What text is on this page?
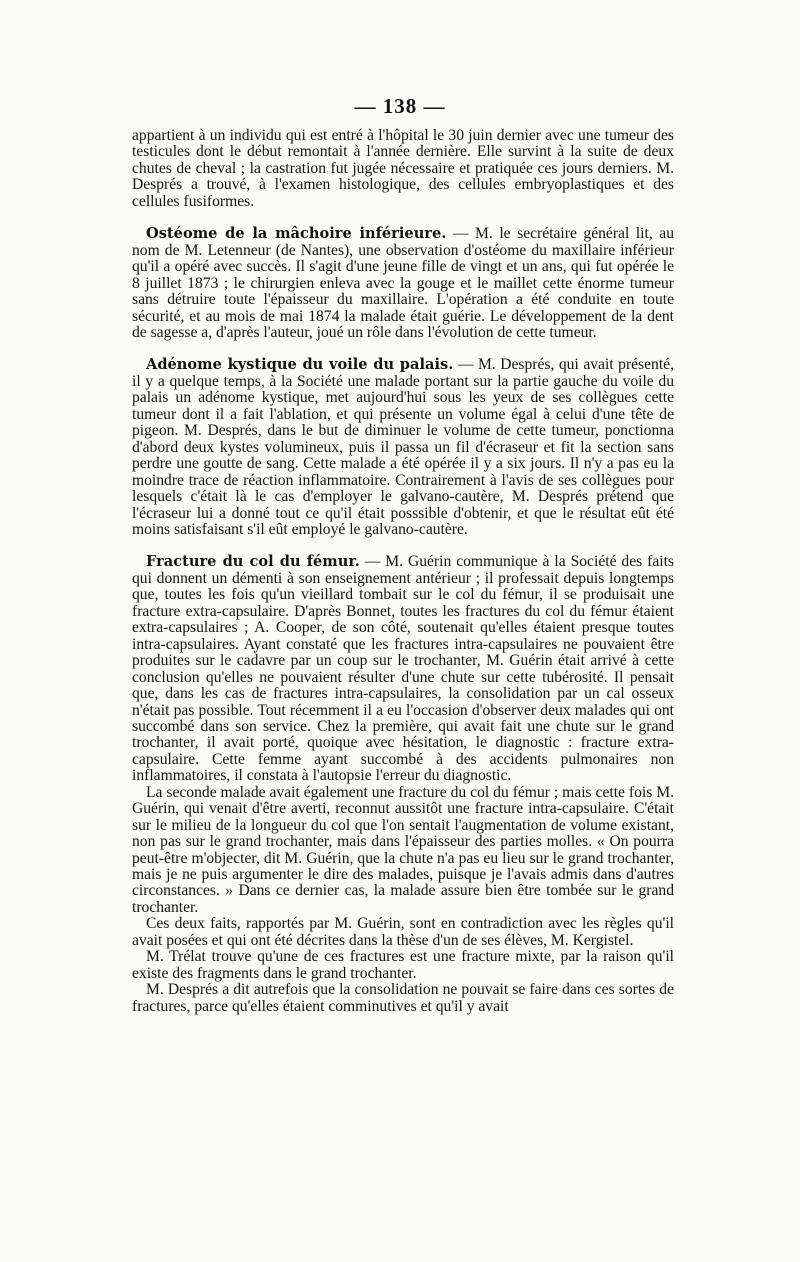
— 138 —

appartient à un individu qui est entré à l'hôpital le 30 juin dernier avec une tumeur des testicules dont le début remontait à l'année dernière. Elle survint à la suite de deux chutes de cheval ; la castration fut jugée nécessaire et pratiquée ces jours derniers. M. Després a trouvé, à l'examen histologique, des cellules embryoplastiques et des cellules fusiformes.

Ostéome de la mâchoire inférieure. — M. le secrétaire général lit, au nom de M. Letenneur (de Nantes), une observation d'ostéome du maxillaire inférieur qu'il a opéré avec succès. Il s'agit d'une jeune fille de vingt et un ans, qui fut opérée le 8 juillet 1873 ; le chirurgien enleva avec la gouge et le maillet cette énorme tumeur sans détruire toute l'épaisseur du maxillaire. L'opération a été conduite en toute sécurité, et au mois de mai 1874 la malade était guérie. Le développement de la dent de sagesse a, d'après l'auteur, joué un rôle dans l'évolution de cette tumeur.

Adénome kystique du voile du palais. — M. Després, qui avait présenté, il y a quelque temps, à la Société une malade portant sur la partie gauche du voile du palais un adénome kystique, met aujourd'hui sous les yeux de ses collègues cette tumeur dont il a fait l'ablation, et qui présente un volume égal à celui d'une tête de pigeon. M. Després, dans le but de diminuer le volume de cette tumeur, ponctionna d'abord deux kystes volumineux, puis il passa un fil d'écraseur et fit la section sans perdre une goutte de sang. Cette malade a été opérée il y a six jours. Il n'y a pas eu la moindre trace de réaction inflammatoire. Contrairement à l'avis de ses collègues pour lesquels c'était là le cas d'employer le galvano-cautère, M. Després prétend que l'écraseur lui a donné tout ce qu'il était posssible d'obtenir, et que le résultat eût été moins satisfaisant s'il eût employé le galvano-cautère.

Fracture du col du fémur. — M. Guérin communique à la Société des faits qui donnent un démenti à son enseignement antérieur ; il professait depuis longtemps que, toutes les fois qu'un vieillard tombait sur le col du fémur, il se produisait une fracture extra-capsulaire. D'après Bonnet, toutes les fractures du col du fémur étaient extra-capsulaires ; A. Cooper, de son côté, soutenait qu'elles étaient presque toutes intra-capsulaires. Ayant constaté que les fractures intra-capsulaires ne pouvaient être produites sur le cadavre par un coup sur le trochanter, M. Guérin était arrivé à cette conclusion qu'elles ne pouvaient résulter d'une chute sur cette tubérosité. Il pensait que, dans les cas de fractures intra-capsulaires, la consolidation par un cal osseux n'était pas possible. Tout récemment il a eu l'occasion d'observer deux malades qui ont succombé dans son service. Chez la première, qui avait fait une chute sur le grand trochanter, il avait porté, quoique avec hésitation, le diagnostic : fracture extra-capsulaire. Cette femme ayant succombé à des accidents pulmonaires non inflammatoires, il constata à l'autopsie l'erreur du diagnostic.

La seconde malade avait également une fracture du col du fémur ; mais cette fois M. Guérin, qui venait d'être averti, reconnut aussitôt une fracture intra-capsulaire. C'était sur le milieu de la longueur du col que l'on sentait l'augmentation de volume existant, non pas sur le grand trochanter, mais dans l'épaisseur des parties molles. « On pourra peut-être m'objecter, dit M. Guérin, que la chute n'a pas eu lieu sur le grand trochanter, mais je ne puis argumenter le dire des malades, puisque je l'avais admis dans d'autres circonstances. » Dans ce dernier cas, la malade assure bien être tombée sur le grand trochanter.

Ces deux faits, rapportés par M. Guérin, sont en contradiction avec les règles qu'il avait posées et qui ont été décrites dans la thèse d'un de ses élèves, M. Kergistel.

M. Trélat trouve qu'une de ces fractures est une fracture mixte, par la raison qu'il existe des fragments dans le grand trochanter.

M. Després a dit autrefois que la consolidation ne pouvait se faire dans ces sortes de fractures, parce qu'elles étaient comminutives et qu'il y avait
